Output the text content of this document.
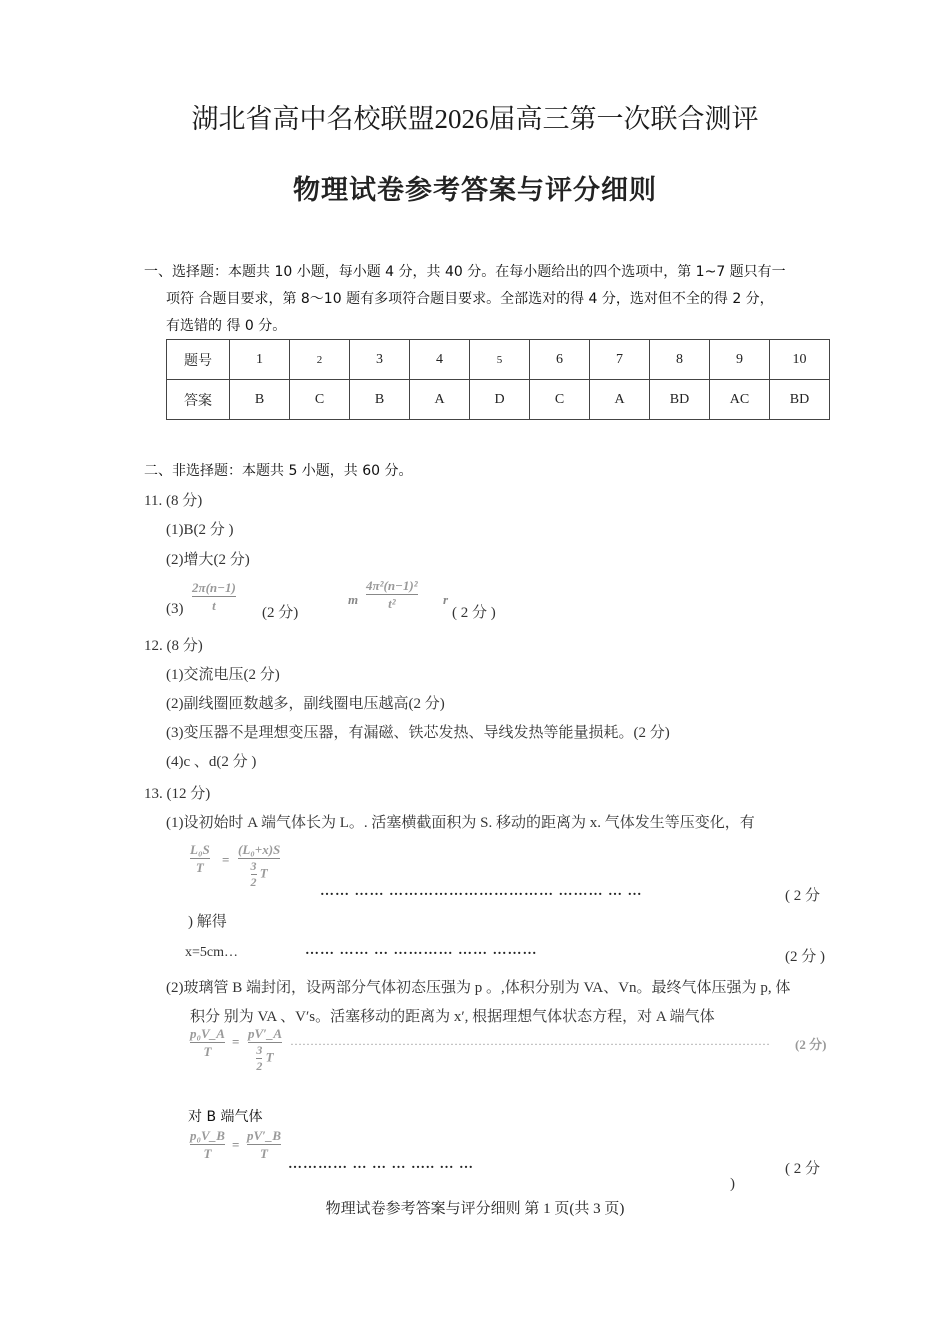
湖北省高中名校联盟2026届高三第一次联合测评
物理试卷参考答案与评分细则
一、选择题：本题共 10 小题，每小题 4 分，共 40 分。在每小题给出的四个选项中，第 1~7 题只有一
项符 合题目要求，第 8～10 题有多项符合题目要求。全部选对的得 4 分，选对但不全的得 2 分，
有选错的 得 0 分。
题号	1	2	3	4	5	6	7	8	9	10
答案	B	C	B	A	D	C	A	BD	AC	BD
二、非选择题：本题共 5 小题，共 60 分。
11. (8 分)
(1)B(2 分 )
(2)增大(2 分)
(3)
2π(n−1)
t	(2 分)
m
4π²(n−1)²
t²	r
( 2 分 )
12. (8 分)
(1)交流电压(2 分)
(2)副线圈匝数越多，副线圈电压越高(2 分)
(3)变压器不是理想变压器，有漏磁、铁芯发热、导线发热等能量损耗。(2 分)
(4)c 、d(2 分 )
13. (12 分)
(1)设初始时 A 端气体长为 L。. 活塞横截面积为 S. 移动的距离为 x. 气体发生等压变化，有
L₀S
T
=
(L₀+x)S
$\frac{3}{2}$ T
…… …… …………………………… ……… … …	( 2 分
) 解得
x=5cm…	…… …… … ………… …… ………	(2 分 )
(2)玻璃管 B 端封闭，设两部分气体初态压强为 p 。,体积分别为 VA、Vn。最终气体压强为 p, 体
积分 别为 VA 、V′s。活塞移动的距离为 x′, 根据理想气体状态方程，对 A 端气体
p₀V_A
T
=
pV′_A
$\frac{3}{2}$ T
…………………………………………………………………………………………………………	(2 分)
对 B 端气体
p₀V_B
T
=
pV′_B
T
………… … … … ….. … …	( 2 分
)
物理试卷参考答案与评分细则 第 1 页(共 3 页)
